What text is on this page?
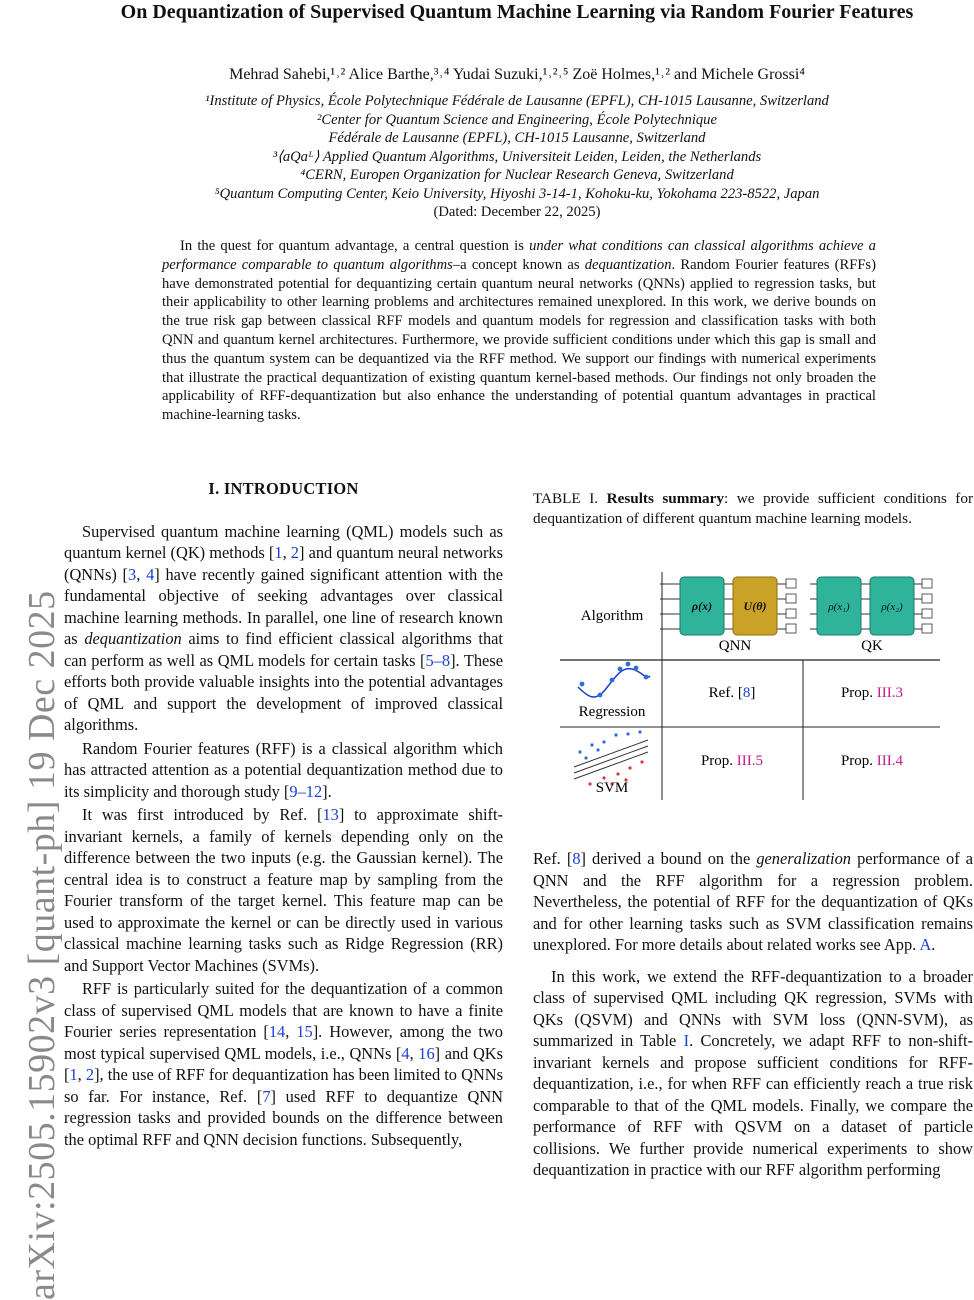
arXiv:2505.15902v3 [quant-ph] 19 Dec 2025
On Dequantization of Supervised Quantum Machine Learning via Random Fourier Features
Mehrad Sahebi,¹˒² Alice Barthe,³˒⁴ Yudai Suzuki,¹˒²˒⁵ Zoë Holmes,¹˒² and Michele Grossi⁴
¹Institute of Physics, École Polytechnique Fédérale de Lausanne (EPFL), CH-1015 Lausanne, Switzerland
²Center for Quantum Science and Engineering, École Polytechnique
Fédérale de Lausanne (EPFL), CH-1015 Lausanne, Switzerland
³⟨aQaᴸ⟩ Applied Quantum Algorithms, Universiteit Leiden, Leiden, the Netherlands
⁴CERN, Europen Organization for Nuclear Research Geneva, Switzerland
⁵Quantum Computing Center, Keio University, Hiyoshi 3-14-1, Kohoku-ku, Yokohama 223-8522, Japan
(Dated: December 22, 2025)
In the quest for quantum advantage, a central question is under what conditions can classical algorithms achieve a performance comparable to quantum algorithms–a concept known as dequantization. Random Fourier features (RFFs) have demonstrated potential for dequantizing certain quantum neural networks (QNNs) applied to regression tasks, but their applicability to other learning problems and architectures remained unexplored. In this work, we derive bounds on the true risk gap between classical RFF models and quantum models for regression and classification tasks with both QNN and quantum kernel architectures. Furthermore, we provide sufficient conditions under which this gap is small and thus the quantum system can be dequantized via the RFF method. We support our findings with numerical experiments that illustrate the practical dequantization of existing quantum kernel-based methods. Our findings not only broaden the applicability of RFF-dequantization but also enhance the understanding of potential quantum advantages in practical machine-learning tasks.
I. INTRODUCTION

Supervised quantum machine learning (QML) models such as quantum kernel (QK) methods [1, 2] and quantum neural networks (QNNs) [3, 4] have recently gained significant attention with the fundamental objective of seeking advantages over classical machine learning methods. In parallel, one line of research known as dequantization aims to find efficient classical algorithms that can perform as well as QML models for certain tasks [5–8]. These efforts both provide valuable insights into the potential advantages of QML and support the development of improved classical algorithms.

Random Fourier features (RFF) is a classical algorithm which has attracted attention as a potential dequantization method due to its simplicity and thorough study [9–12].

It was first introduced by Ref. [13] to approximate shift-invariant kernels, a family of kernels depending only on the difference between the two inputs (e.g. the Gaussian kernel). The central idea is to construct a feature map by sampling from the Fourier transform of the target kernel. This feature map can be used to approximate the kernel or can be directly used in various classical machine learning tasks such as Ridge Regression (RR) and Support Vector Machines (SVMs).

RFF is particularly suited for the dequantization of a common class of supervised QML models that are known to have a finite Fourier series representation [14, 15]. However, among the two most typical supervised QML models, i.e., QNNs [4, 16] and QKs [1, 2], the use of RFF for dequantization has been limited to QNNs so far. For instance, Ref. [7] used RFF to dequantize QNN regression tasks and provided bounds on the difference between the optimal RFF and QNN decision functions. Subsequently,

TABLE I. Results summary: we provide sufficient conditions for dequantization of different quantum machine learning models.

ρ(x)	U(θ)	ρ(x₁)	ρ(x₂)
Algorithm
QNN	QK
Regression
SVM
Ref. [8]	Prop. III.3
Prop. III.5	Prop. III.4

Ref. [8] derived a bound on the generalization performance of a QNN and the RFF algorithm for a regression problem. Nevertheless, the potential of RFF for the dequantization of QKs and for other learning tasks such as SVM classification remains unexplored. For more details about related works see App. A.

In this work, we extend the RFF-dequantization to a broader class of supervised QML including QK regression, SVMs with QKs (QSVM) and QNNs with SVM loss (QNN-SVM), as summarized in Table I. Concretely, we adapt RFF to non-shift-invariant kernels and propose sufficient conditions for RFF-dequantization, i.e., for when RFF can efficiently reach a true risk comparable to that of the QML models. Finally, we compare the performance of RFF with QSVM on a dataset of particle collisions. We further provide numerical experiments to show dequantization in practice with our RFF algorithm performing
